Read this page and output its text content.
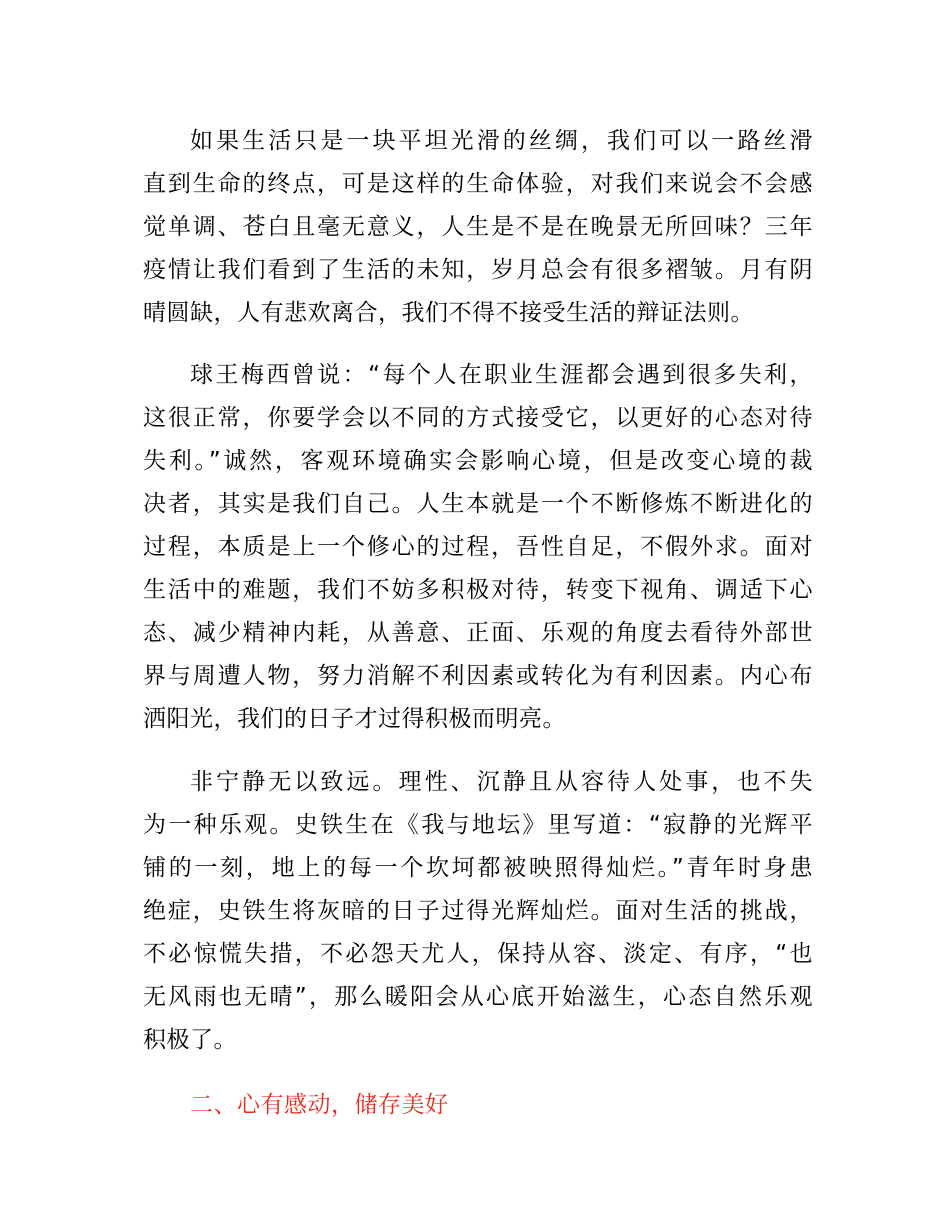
如果生活只是一块平坦光滑的丝绸，我们可以一路丝滑
直到生命的终点，可是这样的生命体验，对我们来说会不会感
觉单调、苍白且毫无意义，人生是不是在晚景无所回味？三年
疫情让我们看到了生活的未知，岁月总会有很多褶皱。月有阴
晴圆缺，人有悲欢离合，我们不得不接受生活的辩证法则。
球王梅西曾说：“每个人在职业生涯都会遇到很多失利，
这很正常，你要学会以不同的方式接受它，以更好的心态对待
失利。”诚然，客观环境确实会影响心境，但是改变心境的裁
决者，其实是我们自己。人生本就是一个不断修炼不断进化的
过程，本质是上一个修心的过程，吾性自足，不假外求。面对
生活中的难题，我们不妨多积极对待，转变下视角、调适下心
态、减少精神内耗，从善意、正面、乐观的角度去看待外部世
界与周遭人物，努力消解不利因素或转化为有利因素。内心布
洒阳光，我们的日子才过得积极而明亮。
非宁静无以致远。理性、沉静且从容待人处事，也不失
为一种乐观。史铁生在《我与地坛》里写道：“寂静的光辉平
铺的一刻，地上的每一个坎坷都被映照得灿烂。”青年时身患
绝症，史铁生将灰暗的日子过得光辉灿烂。面对生活的挑战，
不必惊慌失措，不必怨天尤人，保持从容、淡定、有序，“也
无风雨也无晴”，那么暖阳会从心底开始滋生，心态自然乐观
积极了。
二、心有感动，储存美好
